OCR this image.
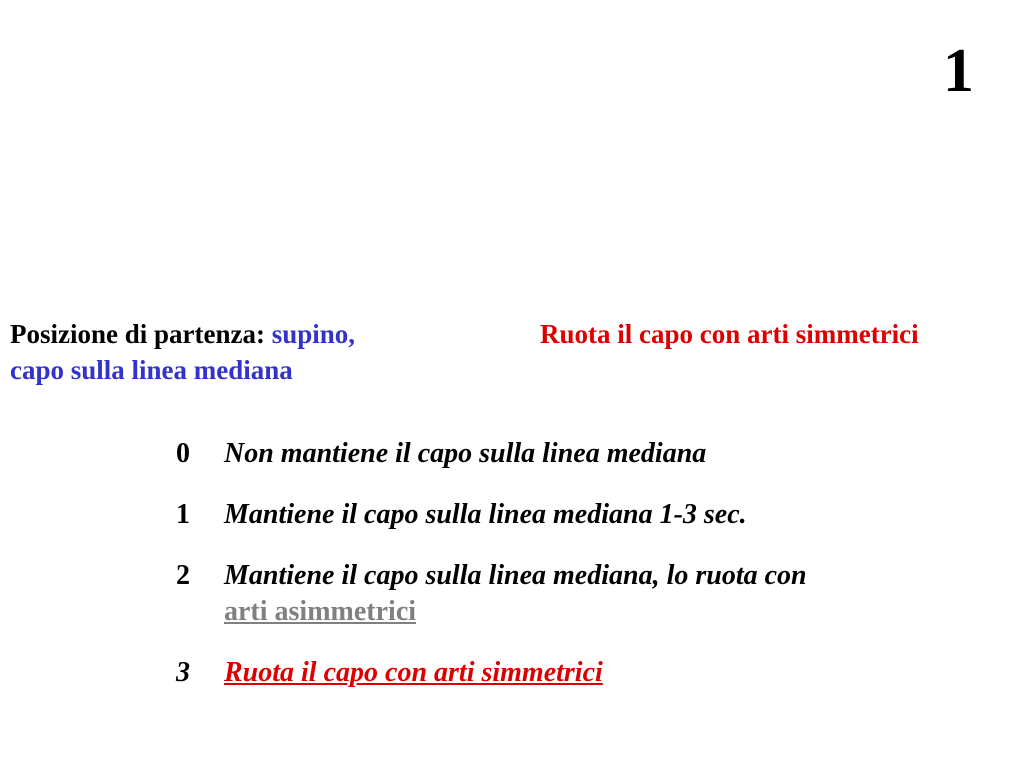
1
Posizione di partenza: supino,
capo sulla linea mediana
Ruota il capo con arti simmetrici
0 Non mantiene il capo sulla linea mediana
1 Mantiene il capo sulla linea mediana 1-3 sec.
2 Mantiene il capo sulla linea mediana, lo ruota con
arti asimmetrici
3 Ruota il capo con arti simmetrici
